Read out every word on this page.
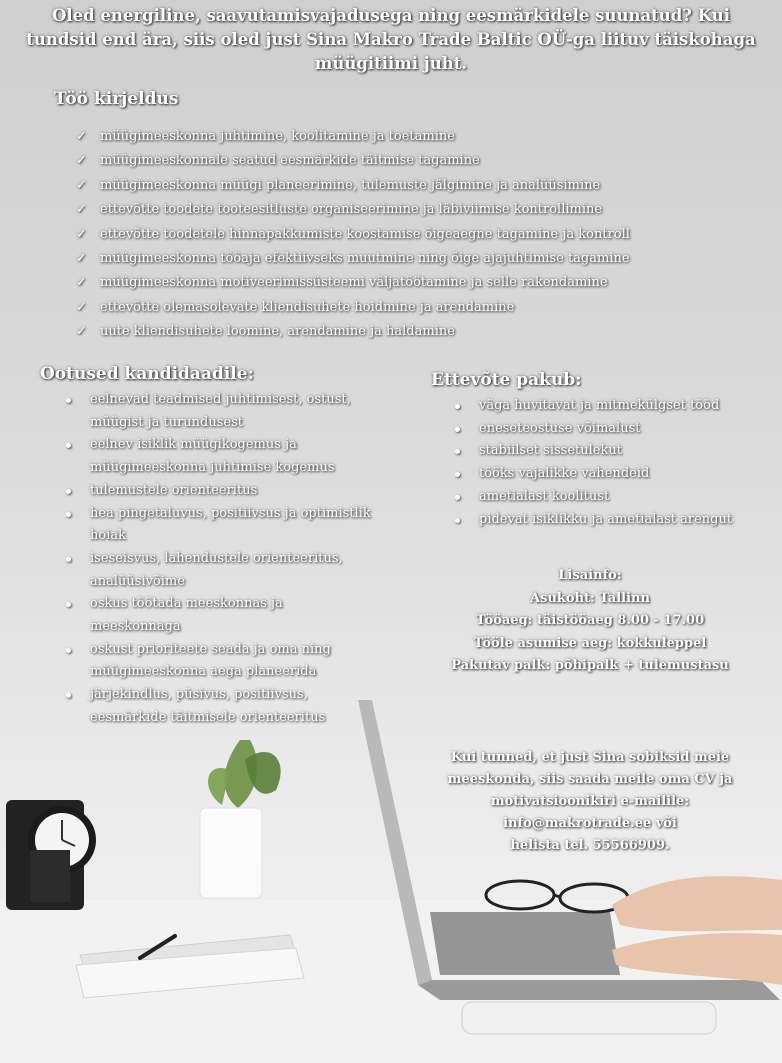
Oled energiline, saavutamisvajadusega ning eesmärkidele suunatud? Kui tundsid end ära, siis oled just Sina Makro Trade Baltic OÜ-ga liituv täiskohaga müügitiimi juht.
Töö kirjeldus
✓ müügimeeskonna juhtimine, koolitamine ja toetamine
✓ müügimeeskonnale seatud eesmärkide täitmise tagamine
✓ müügimeeskonna müügi planeerimine, tulemuste jälgimine ja analüüsimine
✓ ettevõtte toodete tooteesitluste organiseerimine ja läbiviimise kontrollimine
✓ ettevõtte toodetele hinnapakkumiste koostamise õigeaegne tagamine ja kontroll
✓ müügimeeskonna tööaja efektiivseks muutmine ning õige ajajuhtimise tagamine
✓ müügimeeskonna motiveerimissüsteemi väljatöötamine ja selle rakendamine
✓ ettevõtte olemasolevate kliendisuhete hoidmine ja arendamine
✓ uute kliendisuhete loomine, arendamine ja haldamine
Ootused kandidaadile:
eelnevad teadmised juhtimisest, ostust, müügist ja turundusest
eelnev isiklik müügikogemus ja müügimeeskonna juhtimise kogemus
tulemustele orienteeritus
hea pingetaluvus, positiivsus ja optimistlik hoiak
iseseisvus, lahendustele orienteeritus, analüüsivõime
oskus töötada meeskonnas ja meeskonnaga
oskust prioriteete seada ja oma ning müügimeeskonna aega planeerida
järjekindlus, püsivus, positiivsus, eesmärkide täitmisele orienteeritus
Ettevõte pakub:
väga huvitavat ja mitmekülgset tööd
eneseteostuse võimalust
stabiilset sissetulekut
tööks vajalikke vahendeid
ametialast koolitust
pidevat isiklikku ja ametialast arengut
Lisainfo:
Asukoht: Tallinn
Tööaeg: täistööaeg 8.00 - 17.00
Tööle asumise aeg: kokkuleppel
Pakutav palk: põhipalk + tulemustasu
Kui tunned, et just Sina sobiksid meie
meeskonda, siis saada meile oma CV ja
motivatsioonikiri e-mailile:
info@makrotrade.ee või
helista tel. 55566909.
